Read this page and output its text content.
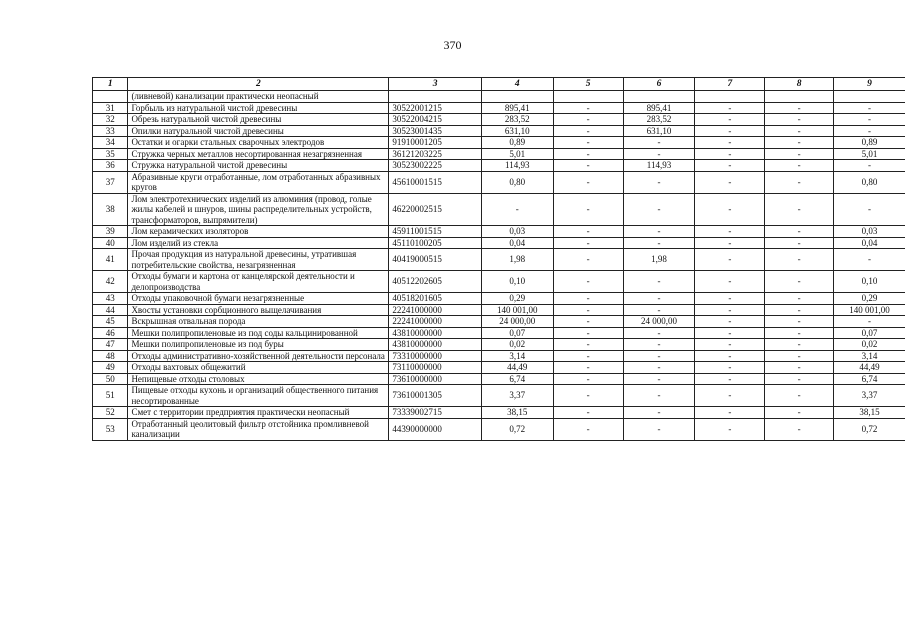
370
1	2	3	4	5	6	7	8	9
	(ливневой) канализации практически неопасный							
31	Горбыль из натуральной чистой древесины	30522001215	895,41	-	895,41	-	-	-
32	Обрезь натуральной чистой древесины	30522004215	283,52	-	283,52	-	-	-
33	Опилки натуральной чистой древесины	30523001435	631,10	-	631,10	-	-	-
34	Остатки и огарки стальных сварочных электродов	91910001205	0,89	-	-	-	-	0,89
35	Стружка черных металлов несортированная незагрязненная	36121203225	5,01	-	-	-	-	5,01
36	Стружка натуральной чистой древесины	30523002225	114,93	-	114,93	-	-	-
37	Абразивные круги отработанные, лом отработанных абразивных кругов	45610001515	0,80	-	-	-	-	0,80
38	Лом электротехнических изделий из алюминия (провод, голые жилы кабелей и шнуров, шины распределительных устройств, трансформаторов, выпрямители)	46220002515	-	-	-	-	-	-
39	Лом керамических изоляторов	45911001515	0,03	-	-	-	-	0,03
40	Лом изделий из стекла	45110100205	0,04	-	-	-	-	0,04
41	Прочая продукция из натуральной древесины, утратившая потребительские свойства, незагрязненная	40419000515	1,98	-	1,98	-	-	-
42	Отходы бумаги и картона от канцелярской деятельности и делопроизводства	40512202605	0,10	-	-	-	-	0,10
43	Отходы упаковочной бумаги незагрязненные	40518201605	0,29	-	-	-	-	0,29
44	Хвосты установки сорбционного выщелачивания	22241000000	140 001,00	-	-	-	-	140 001,00
45	Вскрышная отвальная порода	22241000000	24 000,00	-	24 000,00	-	-	-
46	Мешки полипропиленовые из под соды кальцинированной	43810000000	0,07	-	-	-	-	0,07
47	Мешки полипропиленовые из под буры	43810000000	0,02	-	-	-	-	0,02
48	Отходы административно-хозяйственной деятельности персонала	73310000000	3,14	-	-	-	-	3,14
49	Отходы вахтовых общежитий	73110000000	44,49	-	-	-	-	44,49
50	Непищевые отходы столовых	73610000000	6,74	-	-	-	-	6,74
51	Пищевые отходы кухонь и организаций общественного питания несортированные	73610001305	3,37	-	-	-	-	3,37
52	Смет с территории предприятия практически неопасный	73339002715	38,15	-	-	-	-	38,15
53	Отработанный цеолитовый фильтр отстойника промливневой канализации	44390000000	0,72	-	-	-	-	0,72
